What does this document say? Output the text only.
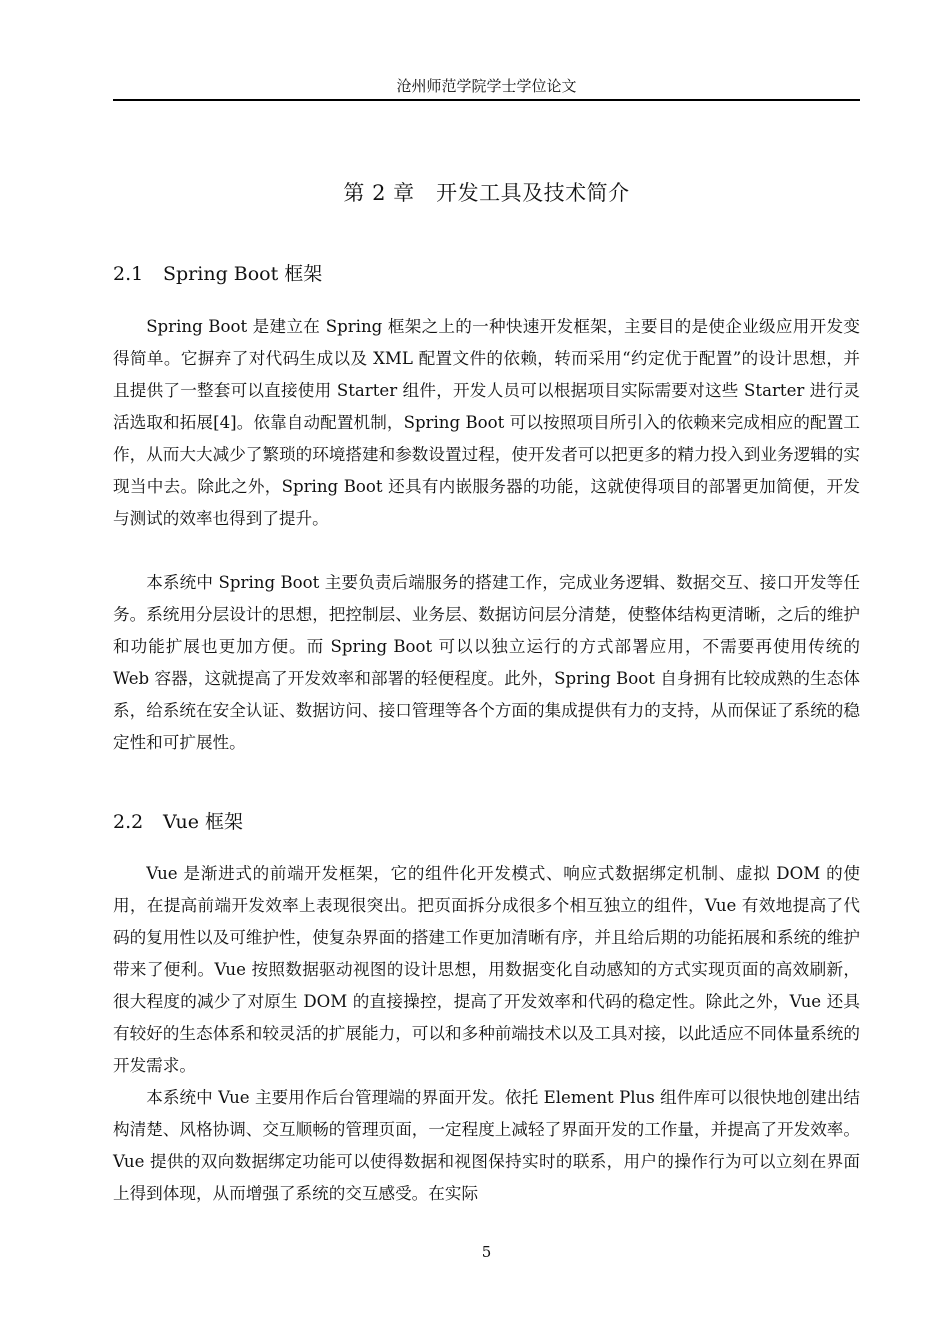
沧州师范学院学士学位论文
第 2 章　开发工具及技术简介
2.1 Spring Boot 框架

Spring Boot 是建立在 Spring 框架之上的一种快速开发框架，主要目的是使企业级应用开发变得简单。它摒弃了对代码生成以及 XML 配置文件的依赖，转而采用“约定优于配置”的设计思想，并且提供了一整套可以直接使用 Starter 组件，开发人员可以根据项目实际需要对这些 Starter 进行灵活选取和拓展[4]。依靠自动配置机制，Spring Boot 可以按照项目所引入的依赖来完成相应的配置工作，从而大大减少了繁琐的环境搭建和参数设置过程，使开发者可以把更多的精力投入到业务逻辑的实现当中去。除此之外，Spring Boot 还具有内嵌服务器的功能，这就使得项目的部署更加简便，开发与测试的效率也得到了提升。

本系统中 Spring Boot 主要负责后端服务的搭建工作，完成业务逻辑、数据交互、接口开发等任务。系统用分层设计的思想，把控制层、业务层、数据访问层分清楚，使整体结构更清晰，之后的维护和功能扩展也更加方便。而 Spring Boot 可以以独立运行的方式部署应用，不需要再使用传统的 Web 容器，这就提高了开发效率和部署的轻便程度。此外，Spring Boot 自身拥有比较成熟的生态体系，给系统在安全认证、数据访问、接口管理等各个方面的集成提供有力的支持，从而保证了系统的稳定性和可扩展性。

2.2 Vue 框架

Vue 是渐进式的前端开发框架，它的组件化开发模式、响应式数据绑定机制、虚拟 DOM 的使用，在提高前端开发效率上表现很突出。把页面拆分成很多个相互独立的组件，Vue 有效地提高了代码的复用性以及可维护性，使复杂界面的搭建工作更加清晰有序，并且给后期的功能拓展和系统的维护带来了便利。Vue 按照数据驱动视图的设计思想，用数据变化自动感知的方式实现页面的高效刷新，很大程度的减少了对原生 DOM 的直接操控，提高了开发效率和代码的稳定性。除此之外，Vue 还具有较好的生态体系和较灵活的扩展能力，可以和多种前端技术以及工具对接，以此适应不同体量系统的开发需求。

本系统中 Vue 主要用作后台管理端的界面开发。依托 Element Plus 组件库可以很快地创建出结构清楚、风格协调、交互顺畅的管理页面，一定程度上减轻了界面开发的工作量，并提高了开发效率。Vue 提供的双向数据绑定功能可以使得数据和视图保持实时的联系，用户的操作行为可以立刻在界面上得到体现，从而增强了系统的交互感受。在实际

5
